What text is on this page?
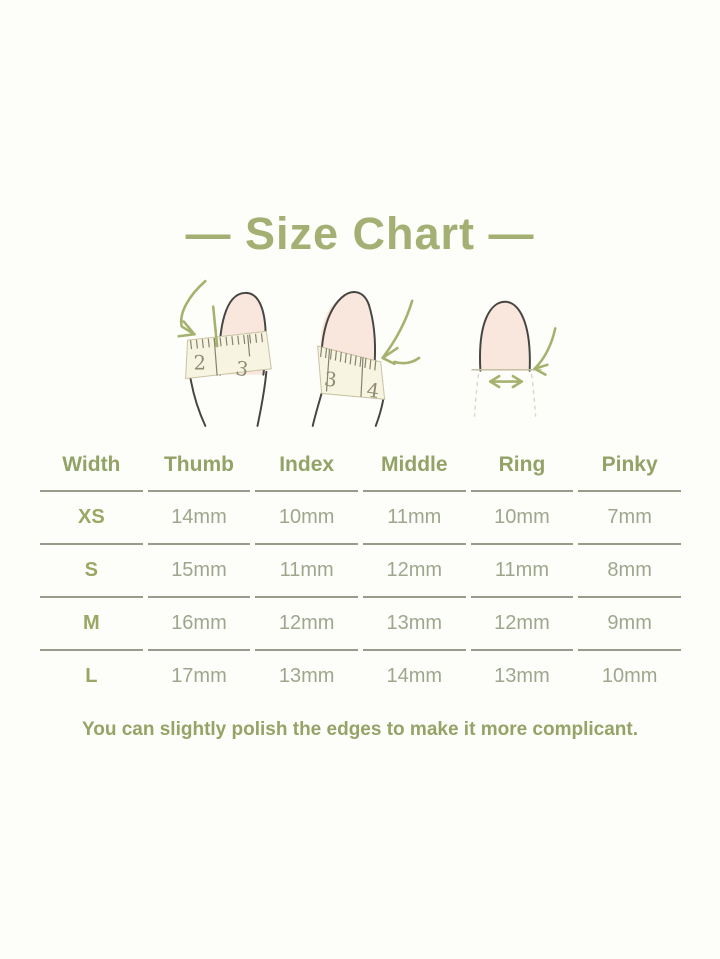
— Size Chart —
2 3	3 4
Width	Thumb	Index	Middle	Ring	Pinky
XS	14mm	10mm	11mm	10mm	7mm
S	15mm	11mm	12mm	11mm	8mm
M	16mm	12mm	13mm	12mm	9mm
L	17mm	13mm	14mm	13mm	10mm

You can slightly polish the edges to make it more complicant.
